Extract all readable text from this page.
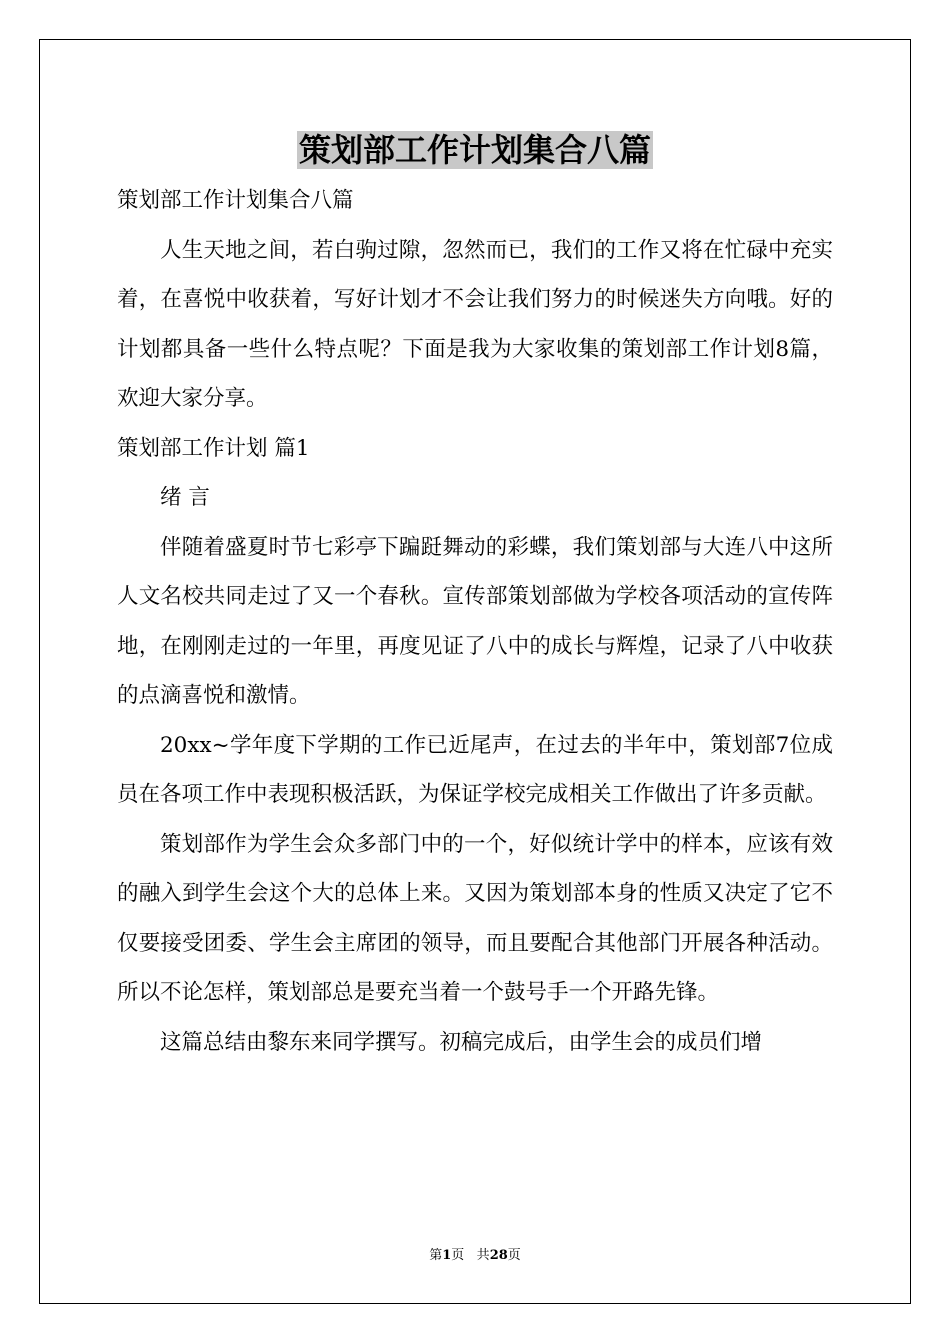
策划部工作计划集合八篇

策划部工作计划集合八篇

人生天地之间，若白驹过隙，忽然而已，我们的工作又将在忙碌中充实着，在喜悦中收获着，写好计划才不会让我们努力的时候迷失方向哦。好的计划都具备一些什么特点呢？下面是我为大家收集的策划部工作计划8篇，欢迎大家分享。

策划部工作计划 篇1

绪 言

伴随着盛夏时节七彩亭下蹁跹舞动的彩蝶，我们策划部与大连八中这所人文名校共同走过了又一个春秋。宣传部策划部做为学校各项活动的宣传阵地，在刚刚走过的一年里，再度见证了八中的成长与辉煌，记录了八中收获的点滴喜悦和激情。

20xx~学年度下学期的工作已近尾声，在过去的半年中，策划部7位成员在各项工作中表现积极活跃，为保证学校完成相关工作做出了许多贡献。

策划部作为学生会众多部门中的一个，好似统计学中的样本，应该有效的融入到学生会这个大的总体上来。又因为策划部本身的性质又决定了它不仅要接受团委、学生会主席团的领导，而且要配合其他部门开展各种活动。所以不论怎样，策划部总是要充当着一个鼓号手一个开路先锋。

这篇总结由黎东来同学撰写。初稿完成后，由学生会的成员们增

第1页 共28页
